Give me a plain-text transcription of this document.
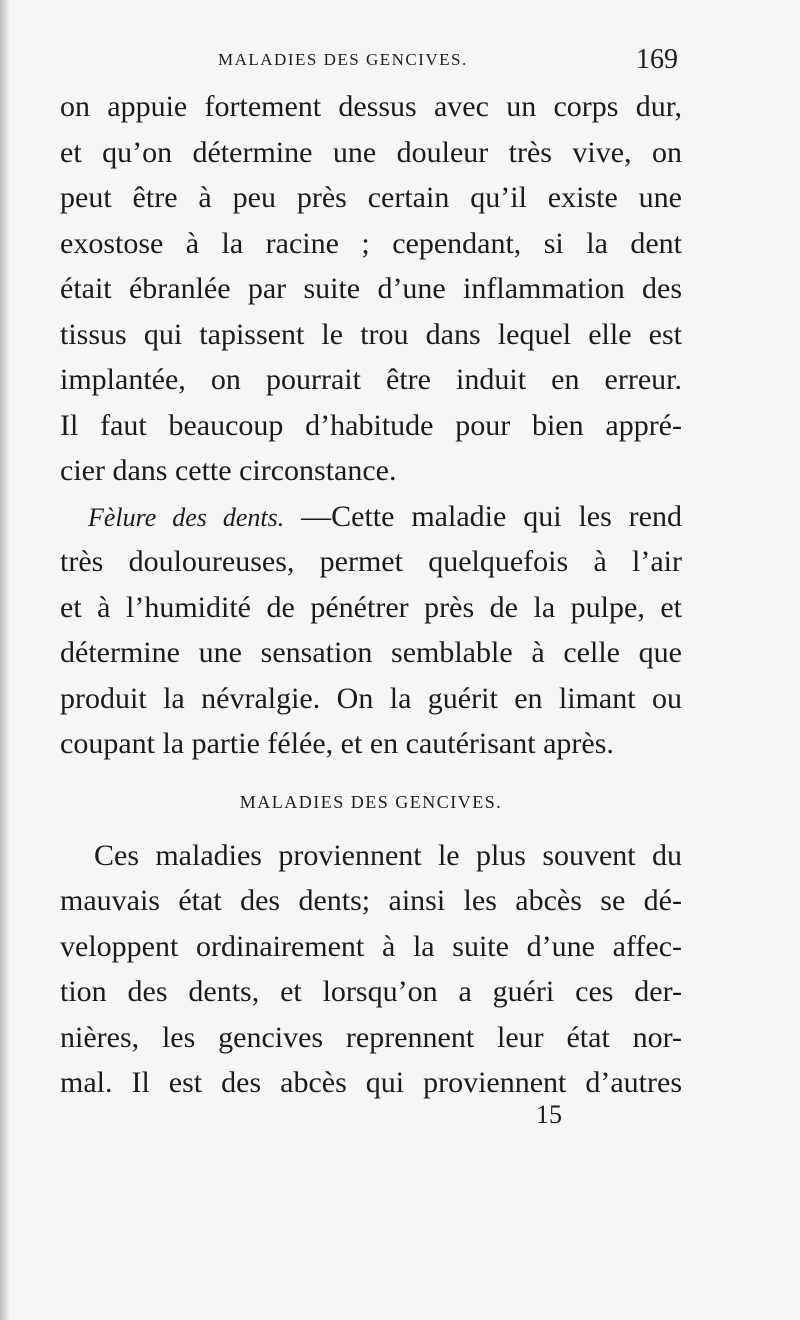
MALADIES DES GENCIVES.	169
on appuie fortement dessus avec un corps dur,
et qu’on détermine une douleur très vive, on
peut être à peu près certain qu’il existe une
exostose à la racine ; cependant, si la dent
était ébranlée par suite d’une inflammation des
tissus qui tapissent le trou dans lequel elle est
implantée, on pourrait être induit en erreur.
Il faut beaucoup d’habitude pour bien appré-
cier dans cette circonstance.
Fèlure des dents. —Cette maladie qui les rend
très douloureuses, permet quelquefois à l’air
et à l’humidité de pénétrer près de la pulpe, et
détermine une sensation semblable à celle que
produit la névralgie. On la guérit en limant ou
coupant la partie félée, et en cautérisant après.
MALADIES DES GENCIVES.
Ces maladies proviennent le plus souvent du
mauvais état des dents; ainsi les abcès se dé-
veloppent ordinairement à la suite d’une affec-
tion des dents, et lorsqu’on a guéri ces der-
nières, les gencives reprennent leur état nor-
mal. Il est des abcès qui proviennent d’autres
15
